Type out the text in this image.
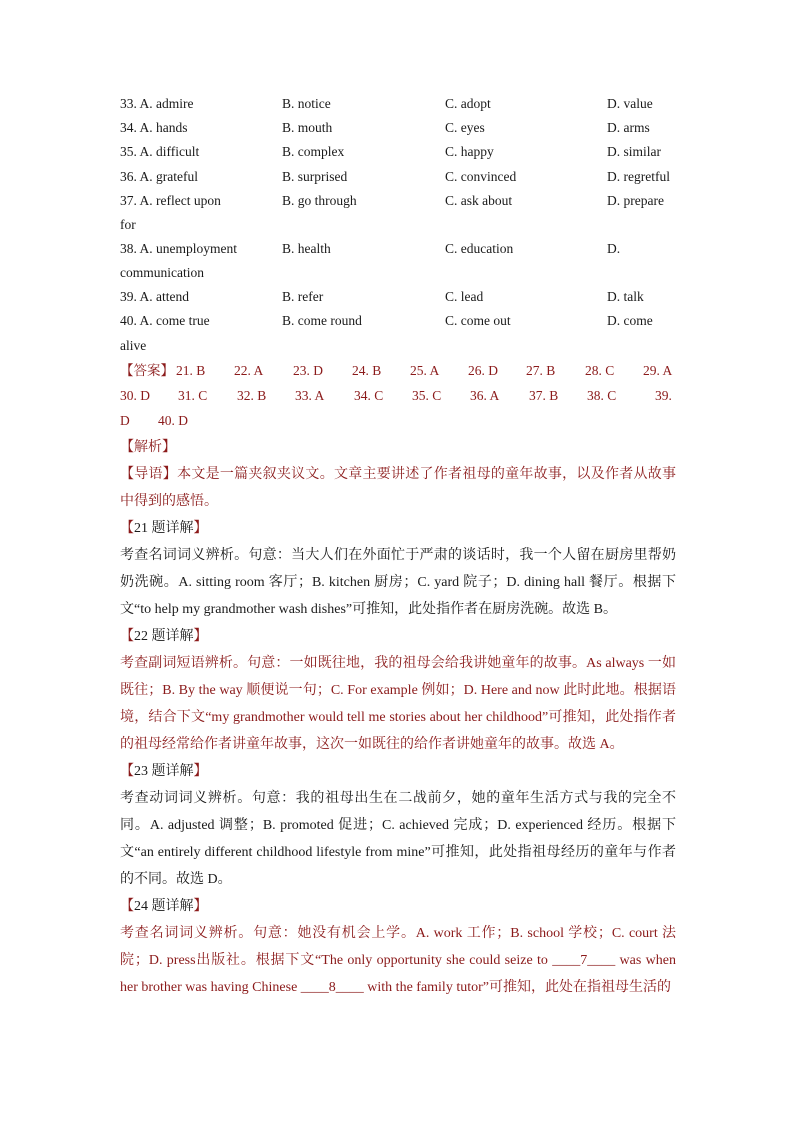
33. A. admire	B. notice	C. adopt	D. value
34. A. hands	B. mouth	C. eyes	D. arms
35. A. difficult	B. complex	C. happy	D. similar
36. A. grateful	B. surprised	C. convinced	D. regretful
37. A. reflect upon	B. go through	C. ask about	D. prepare
for
38. A. unemployment	B. health	C. education	D.
communication
39. A. attend	B. refer	C. lead	D. talk
40. A. come true	B. come round	C. come out	D. come
alive
【答案】 21. B 22. A 23. D 24. B 25. A 26. D 27. B 28. C 29. A
30. D 31. C 32. B 33. A 34. C 35. C 36. A 37. B 38. C	39.
D 40. D
【解析】
【导语】本文是一篇夹叙夹议文。文章主要讲述了作者祖母的童年故事，以及作者从故事中得到的感悟。
【21 题详解】
考查名词词义辨析。句意：当大人们在外面忙于严肃的谈话时，我一个人留在厨房里帮奶奶洗碗。A. sitting room 客厅；B. kitchen 厨房；C. yard 院子；D. dining hall 餐厅。根据下文“to help my grandmother wash dishes”可推知，此处指作者在厨房洗碗。故选 B。
【22 题详解】
考查副词短语辨析。句意：一如既往地，我的祖母会给我讲她童年的故事。As always 一如既往；B. By the way 顺便说一句；C. For example 例如；D. Here and now 此时此地。根据语境，结合下文“my grandmother would tell me stories about her childhood”可推知，此处指作者的祖母经常给作者讲童年故事，这次一如既往的给作者讲她童年的故事。故选 A。
【23 题详解】
考查动词词义辨析。句意：我的祖母出生在二战前夕，她的童年生活方式与我的完全不同。A. adjusted 调整；B. promoted 促进；C. achieved 完成；D. experienced 经历。根据下文“an entirely different childhood lifestyle from mine”可推知，此处指祖母经历的童年与作者的不同。故选 D。
【24 题详解】
考查名词词义辨析。句意：她没有机会上学。A. work 工作；B. school 学校；C. court 法院；D. press出版社。根据下文“The only opportunity she could seize to ____7____ was when her brother was having Chinese ____8____ with the family tutor”可推知，此处在指祖母生活的
